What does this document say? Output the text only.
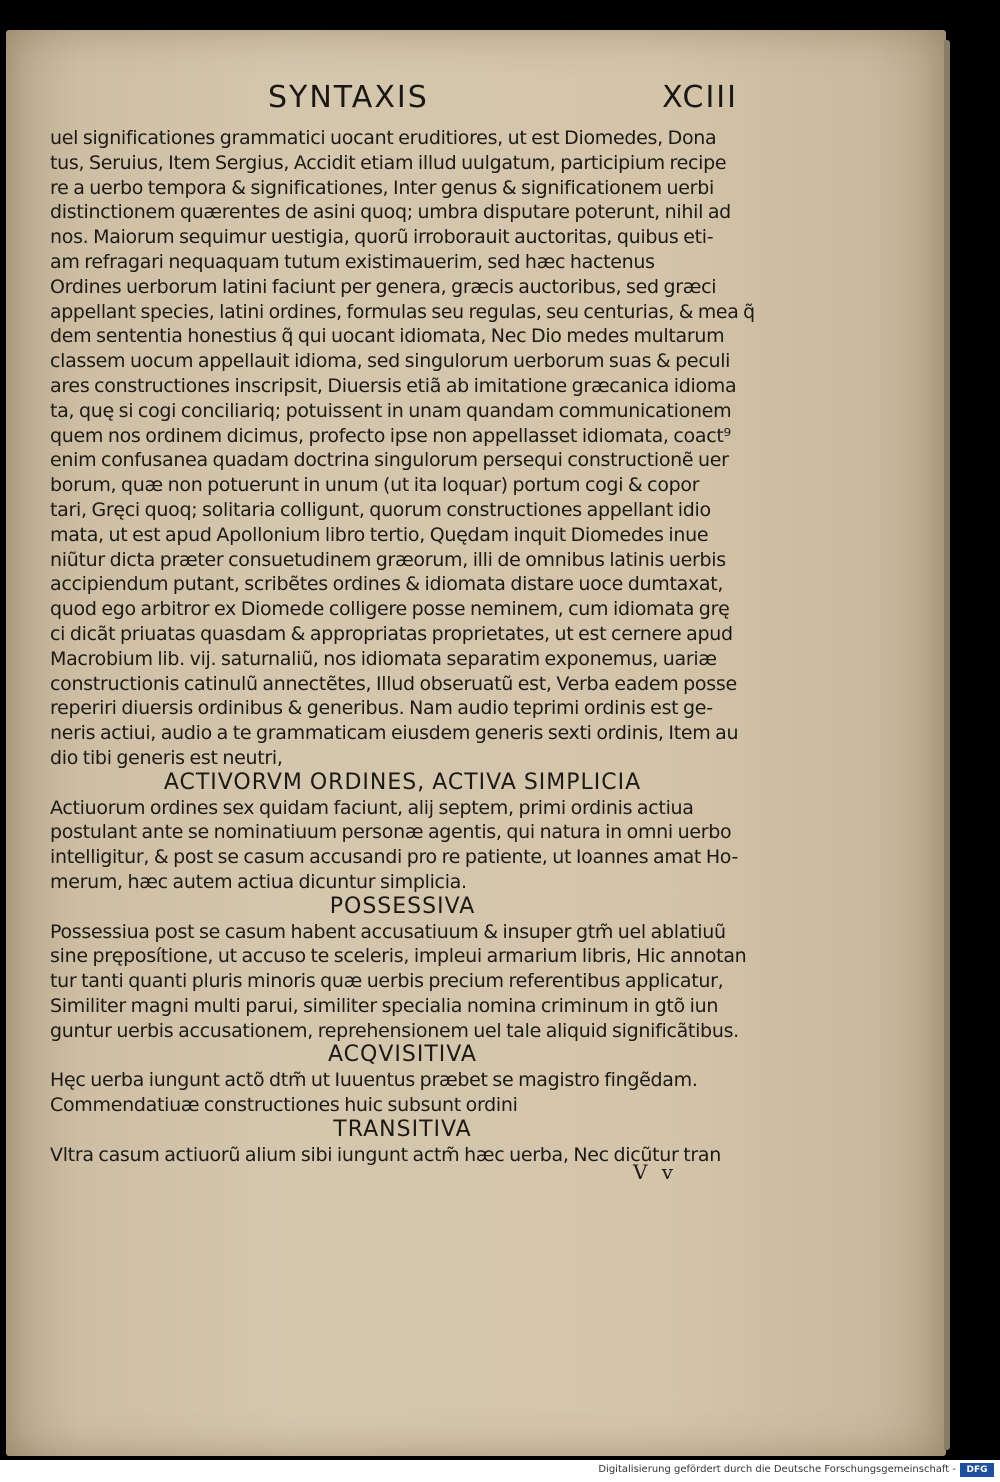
SYNTAXIS	XCIII
uel significationes grammatici uocant eruditiores, ut est Diomedes, Dona
tus, Seruius, Item Sergius, Accidit etiam illud uulgatum, participium recipe
re a uerbo tempora & significationes, Inter genus & significationem uerbi
distinctionem quærentes de asini quoq; umbra disputare poterunt, nihil ad
nos. Maiorum sequimur uestigia, quorũ irroborauit auctoritas, quibus eti-
am refragari nequaquam tutum existimauerim, sed hæc hactenus
Ordines uerborum latini faciunt per genera, græcis auctoribus, sed græci
appellant species, latini ordines, formulas seu regulas, seu centurias, & mea q̃
dem sententia honestius q̃ qui uocant idiomata, Nec Dio medes multarum
classem uocum appellauit idioma, sed singulorum uerborum suas & peculi
ares constructiones inscripsit, Diuersis etiã ab imitatione græcanica idioma
ta, quę si cogi conciliariq; potuissent in unam quandam communicationem
quem nos ordinem dicimus, profecto ipse non appellasset idiomata, coact⁹
enim confusanea quadam doctrina singulorum persequi constructionẽ uer
borum, quæ non potuerunt in unum (ut ita loquar) portum cogi & copor
tari, Gręci quoq; solitaria colligunt, quorum constructiones appellant idio
mata, ut est apud Apollonium libro tertio, Quędam inquit Diomedes inue
niũtur dicta præter consuetudinem græorum, illi de omnibus latinis uerbis
accipiendum putant, scribẽtes ordines & idiomata distare uoce dumtaxat,
quod ego arbitror ex Diomede colligere posse neminem, cum idiomata grę
ci dicãt priuatas quasdam & appropriatas proprietates, ut est cernere apud
Macrobium lib. vij. saturnaliũ, nos idiomata separatim exponemus, uariæ
constructionis catinulũ annectẽtes, Illud obseruatũ est, Verba eadem posse
reperiri diuersis ordinibus & generibus. Nam audio teprimi ordinis est ge-
neris actiui, audio a te grammaticam eiusdem generis sexti ordinis, Item au
dio tibi generis est neutri,
ACTIVORVM ORDINES, ACTIVA SIMPLICIA
Actiuorum ordines sex quidam faciunt, alij septem, primi ordinis actiua
postulant ante se nominatiuum personæ agentis, qui natura in omni uerbo
intelligitur, & post se casum accusandi pro re patiente, ut Ioannes amat Ho-
merum, hæc autem actiua dicuntur simplicia.
POSSESSIVA
Possessiua post se casum habent accusatiuum & insuper gtm̃ uel ablatiuũ
sine pręposítione, ut accuso te sceleris, impleui armarium libris, Hic annotan
tur tanti quanti pluris minoris quæ uerbis precium referentibus applicatur,
Similiter magni multi parui, similiter specialia nomina criminum in gtõ iun
guntur uerbis accusationem, reprehensionem uel tale aliquid significãtibus.
ACQVISITIVA
Hęc uerba iungunt actõ dtm̃ ut Iuuentus præbet se magistro fingẽdam.
Commendatiuæ constructiones huic subsunt ordini
TRANSITIVA
Vltra casum actiuorũ alium sibi iungunt actm̃ hæc uerba, Nec dicũtur tran
V v
Digitalisierung gefördert durch die Deutsche Forschungsgemeinschaft -	DFG
